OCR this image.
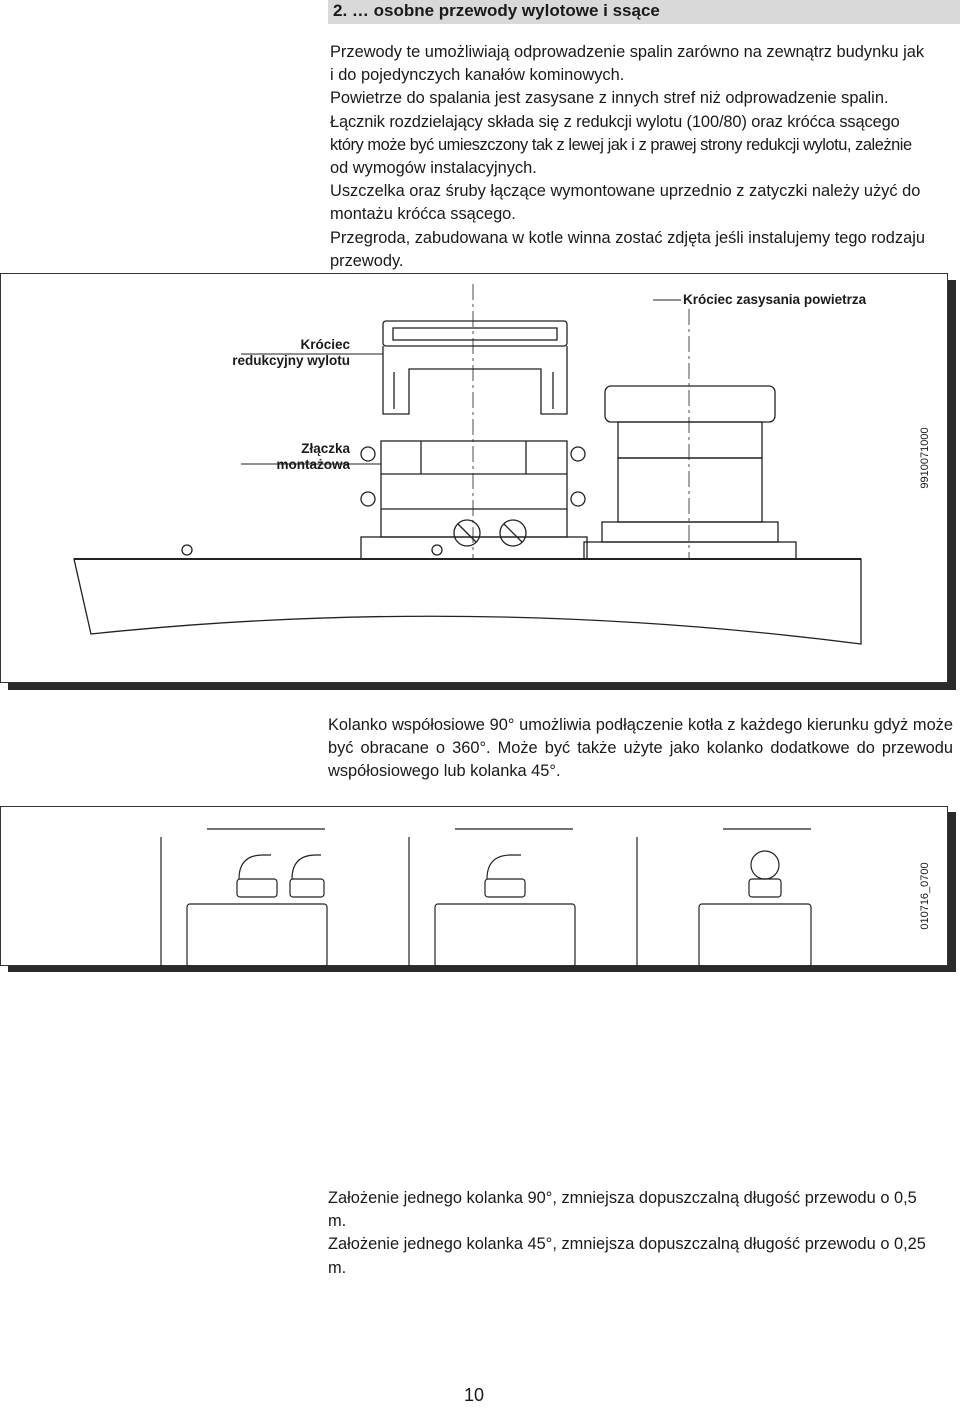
2. … osobne przewody wylotowe i ssące
Przewody te umożliwiają odprowadzenie spalin zarówno na zewnątrz budynku jak
i do pojedynczych kanałów kominowych.
Powietrze do spalania jest zasysane z innych stref niż odprowadzenie spalin.
Łącznik rozdzielający składa się z redukcji wylotu (100/80) oraz króćca ssącego
który może być umieszczony tak z lewej jak i z prawej strony redukcji wylotu, zależnie
od wymogów instalacyjnych.
Uszczelka oraz śruby łączące wymontowane uprzednio z zatyczki należy użyć do
montażu króćca ssącego.
Przegroda, zabudowana w kotle winna zostać zdjęta jeśli instalujemy tego rodzaju
przewody.
Króciec zasysania powietrza
Króciec
redukcyjny wylotu
Złączka
montażowa	9910071000
Kolanko współosiowe 90° umożliwia podłączenie kotła z każdego kierunku gdyż może być obracane o 360°. Może być także użyte jako kolanko dodatkowe do przewodu współosiowego lub kolanka 45°.
010716_0700
Założenie jednego kolanka 90°, zmniejsza dopuszczalną długość przewodu o 0,5
m.
Założenie jednego kolanka 45°, zmniejsza dopuszczalną długość przewodu o 0,25
m.
10
